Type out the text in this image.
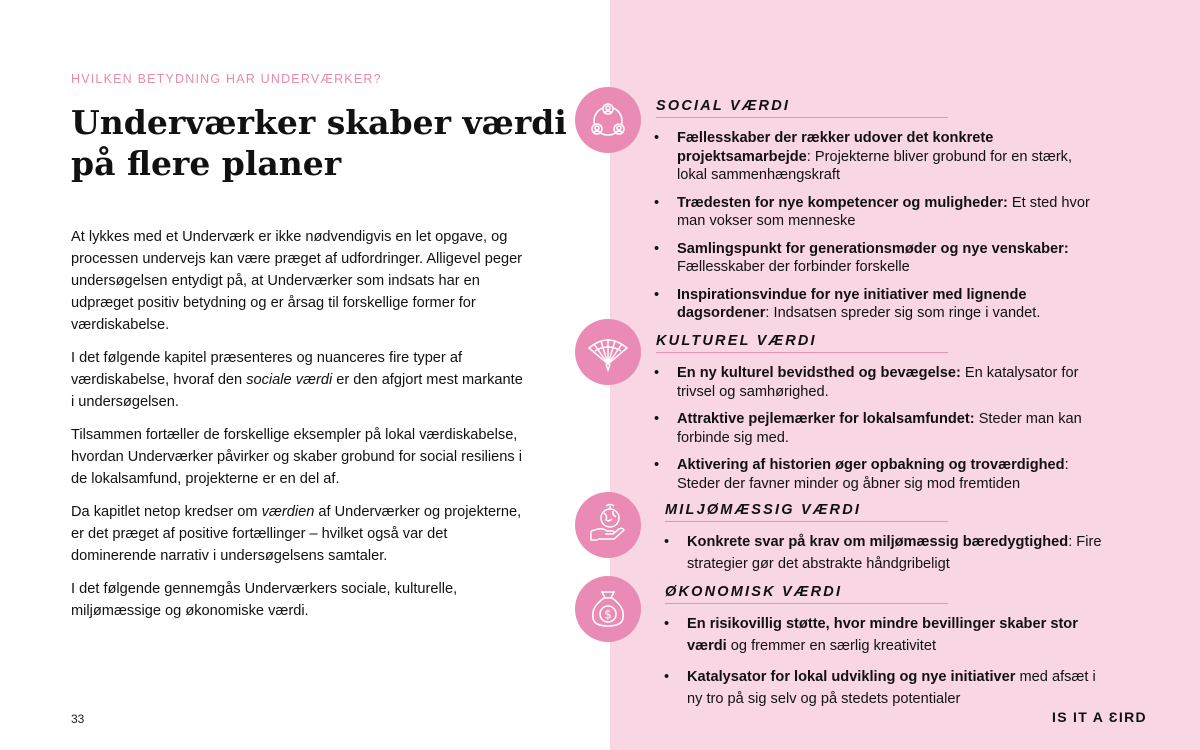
HVILKEN BETYDNING HAR UNDERVÆRKER?
Underværker skaber værdi
på flere planer

At lykkes med et Underværk er ikke nødvendigvis en let opgave, og processen undervejs kan være præget af udfordringer. Alligevel peger undersøgelsen entydigt på, at Underværker som indsats har en udpræget positiv betydning og er årsag til forskellige former for værdiskabelse.

I det følgende kapitel præsenteres og nuanceres fire typer af værdiskabelse, hvoraf den sociale værdi er den afgjort mest markante i undersøgelsen.

Tilsammen fortæller de forskellige eksempler på lokal værdiskabelse, hvordan Underværker påvirker og skaber grobund for social resiliens i de lokalsamfund, projekterne er en del af.

Da kapitlet netop kredser om værdien af Underværker og projekterne, er det præget af positive fortællinger – hvilket også var det dominerende narrativ i undersøgelsens samtaler.

I det følgende gennemgås Underværkers sociale, kulturelle, miljømæssige og økonomiske værdi.

33	IS IT A ƐIRD
SOCIAL VÆRDI
• Fællesskaber der rækker udover det konkrete projektsamarbejde: Projekterne bliver grobund for en stærk, lokal sammenhængskraft
• Trædesten for nye kompetencer og muligheder: Et sted hvor man vokser som menneske
• Samlingspunkt for generationsmøder og nye venskaber: Fællesskaber der forbinder forskelle
• Inspirationsvindue for nye initiativer med lignende dagsordener: Indsatsen spreder sig som ringe i vandet.
KULTUREL VÆRDI
• En ny kulturel bevidsthed og bevægelse: En katalysator for trivsel og samhørighed.
• Attraktive pejlemærker for lokalsamfundet: Steder man kan forbinde sig med.
• Aktivering af historien øger opbakning og troværdighed: Steder der favner minder og åbner sig mod fremtiden
MILJØMÆSSIG VÆRDI
• Konkrete svar på krav om miljømæssig bæredygtighed: Fire strategier gør det abstrakte håndgribeligt
$
ØKONOMISK VÆRDI
• En risikovillig støtte, hvor mindre bevillinger skaber stor værdi og fremmer en særlig kreativitet
• Katalysator for lokal udvikling og nye initiativer med afsæt i ny tro på sig selv og på stedets potentialer
